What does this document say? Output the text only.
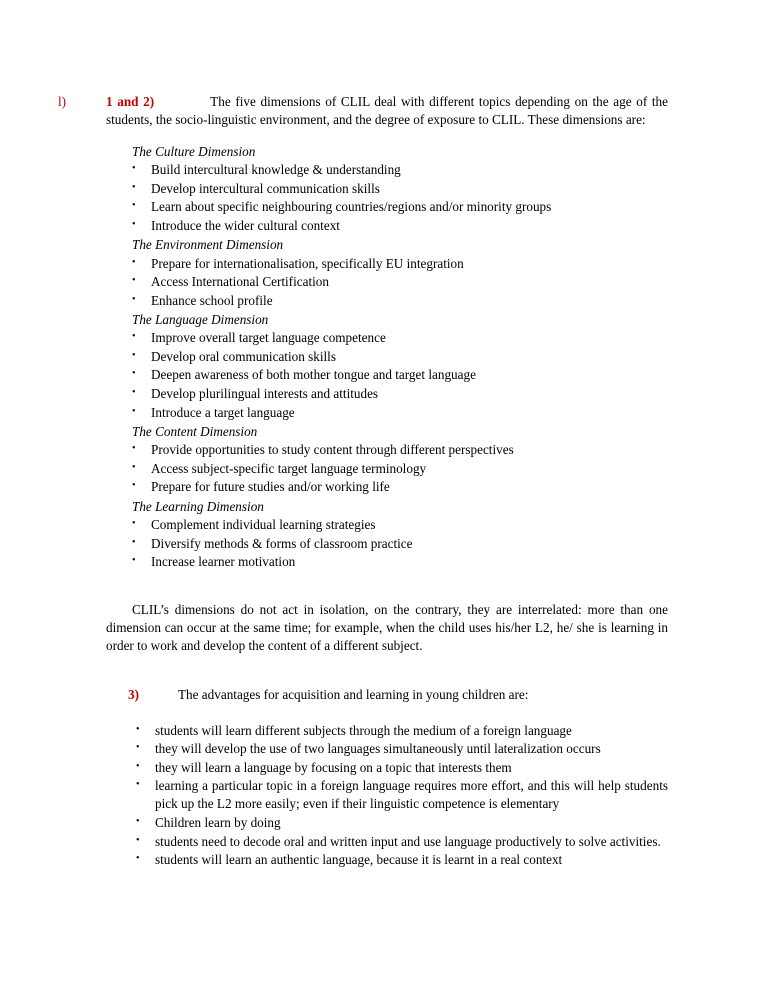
l)	1 and 2)	The five dimensions of CLIL deal with different topics depending on the age of the students, the socio-linguistic environment, and the degree of exposure to CLIL. These dimensions are:

The Culture Dimension
• Build intercultural knowledge & understanding
• Develop intercultural communication skills
• Learn about specific neighbouring countries/regions and/or minority groups
• Introduce the wider cultural context
The Environment Dimension
• Prepare for internationalisation, specifically EU integration
• Access International Certification
• Enhance school profile
The Language Dimension
• Improve overall target language competence
• Develop oral communication skills
• Deepen awareness of both mother tongue and target language
• Develop plurilingual interests and attitudes
• Introduce a target language
The Content Dimension
• Provide opportunities to study content through different perspectives
• Access subject-specific target language terminology
• Prepare for future studies and/or working life
The Learning Dimension
• Complement individual learning strategies
• Diversify methods & forms of classroom practice
• Increase learner motivation

CLIL’s dimensions do not act in isolation, on the contrary, they are interrelated: more than one dimension can occur at the same time; for example, when the child uses his/her L2, he/ she is learning in order to work and develop the content of a different subject.

3)	The advantages for acquisition and learning in young children are:
• students will learn different subjects through the medium of a foreign language
• they will develop the use of two languages simultaneously until lateralization occurs
• they will learn a language by focusing on a topic that interests them
• learning a particular topic in a foreign language requires more effort, and this will help students pick up the L2 more easily; even if their linguistic competence is elementary
• Children learn by doing
• students need to decode oral and written input and use language productively to solve activities.
• students will learn an authentic language, because it is learnt in a real context
